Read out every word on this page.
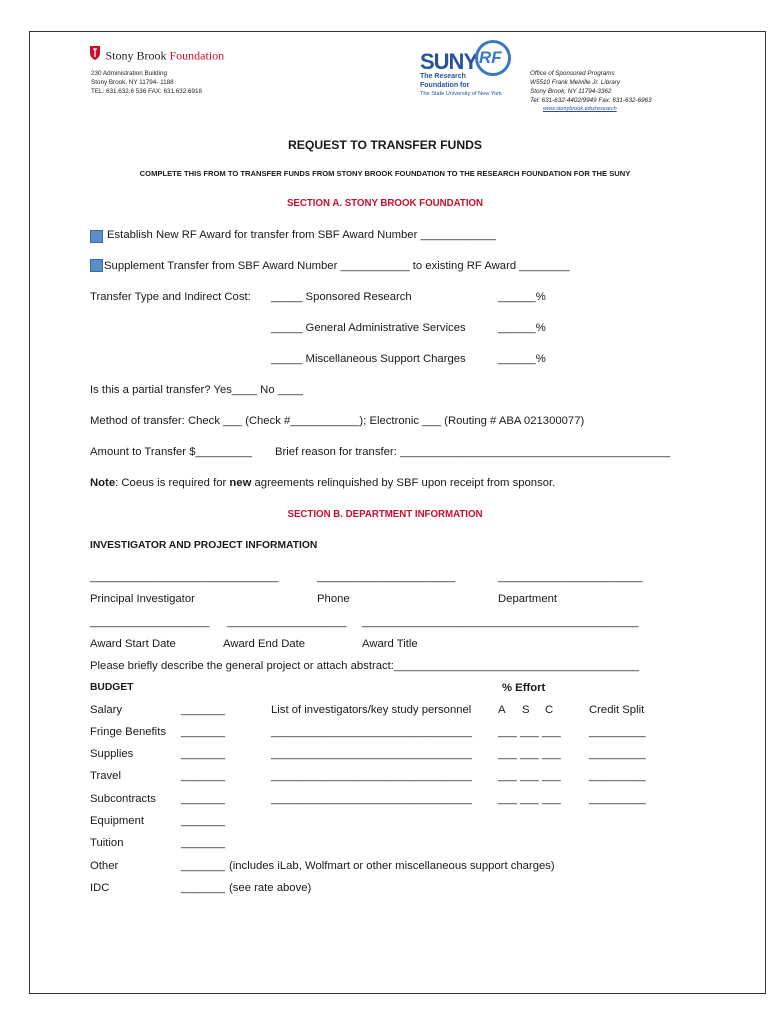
Stony Brook Foundation
230 Administration Building
Stony Brook, NY 11794- 1188
TEL: 631.632.6 536 FAX: 631.632.6918
SUNY RF
The Research
Foundation for
The State University of New York
Office of Sponsored Programs
W5510 Frank Melville Jr. Library
Stony Brook, NY 11794-3362
Tel: 631-632-4402/9949 Fax: 631-632-6963
www.stonybrook.edu/research
REQUEST TO TRANSFER FUNDS
COMPLETE THIS FROM TO TRANSFER FUNDS FROM STONY BROOK FOUNDATION TO THE RESEARCH FOUNDATION FOR THE SUNY
SECTION A. STONY BROOK FOUNDATION
Establish New RF Award for transfer from SBF Award Number ____________
Supplement Transfer from SBF Award Number ___________ to existing RF Award ________
Transfer Type and Indirect Cost: _____ Sponsored Research	______%
_____ General Administrative Services	______%
_____ Miscellaneous Support Charges	______%
Is this a partial transfer? Yes____ No ____
Method of transfer: Check ___ (Check #___________); Electronic ___ (Routing # ABA 021300077)
Amount to Transfer $_________ Brief reason for transfer: ___________________________________________
Note: Coeus is required for new agreements relinquished by SBF upon receipt from sponsor.
SECTION B. DEPARTMENT INFORMATION
INVESTIGATOR AND PROJECT INFORMATION
______________________________	______________________	_______________________
Principal Investigator	Phone	Department
___________________ ___________________ ____________________________________________
Award Start Date	Award End Date	Award Title
Please briefly describe the general project or attach abstract:_______________________________________
BUDGET	% Effort
Salary	_______	List of investigators/key study personnel A S C	Credit Split
Fringe Benefits _______	________________________________ ___ ___ ___ _________
Supplies	_______	________________________________ ___ ___ ___ _________
Travel	_______	________________________________ ___ ___ ___ _________
Subcontracts _______	________________________________ ___ ___ ___ _________
Equipment	_______
Tuition	_______
Other	_______ (includes iLab, Wolfmart or other miscellaneous support charges)
IDC	_______ (see rate above)
